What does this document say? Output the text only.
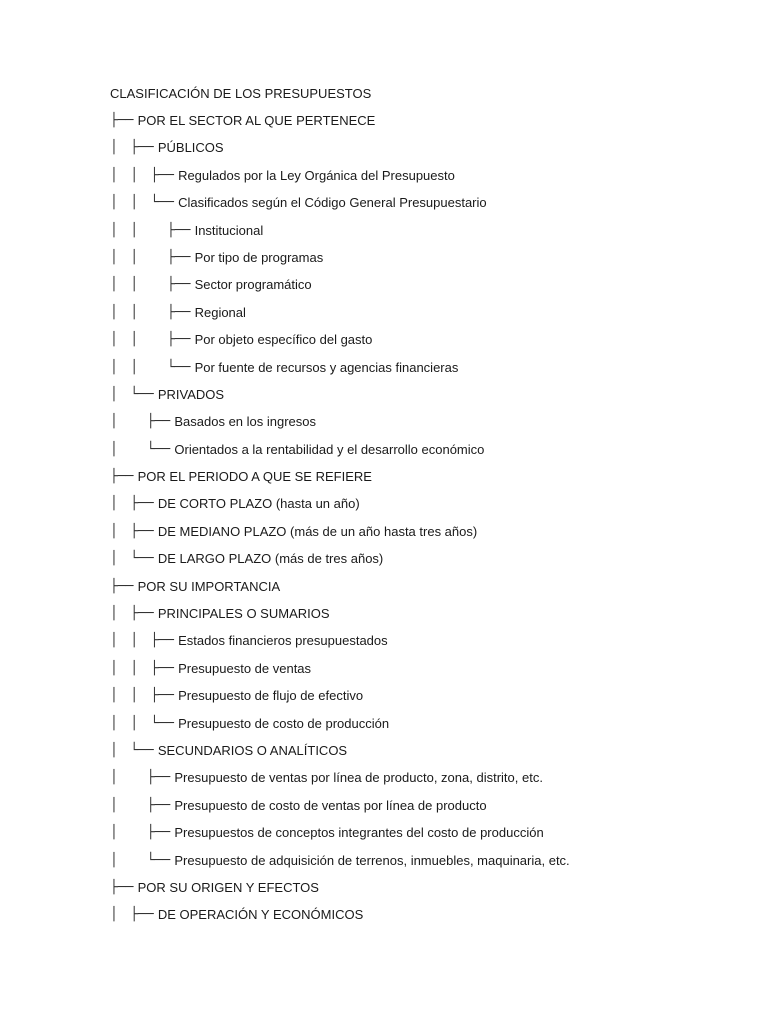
CLASIFICACIÓN DE LOS PRESUPUESTOS
├── POR EL SECTOR AL QUE PERTENECE
│   ├── PÚBLICOS
│   │   ├── Regulados por la Ley Orgánica del Presupuesto
│   │   └── Clasificados según el Código General Presupuestario
│   │       ├── Institucional
│   │       ├── Por tipo de programas
│   │       ├── Sector programático
│   │       ├── Regional
│   │       ├── Por objeto específico del gasto
│   │       └── Por fuente de recursos y agencias financieras
│   └── PRIVADOS
│       ├── Basados en los ingresos
│       └── Orientados a la rentabilidad y el desarrollo económico
├── POR EL PERIODO A QUE SE REFIERE
│   ├── DE CORTO PLAZO (hasta un año)
│   ├── DE MEDIANO PLAZO (más de un año hasta tres años)
│   └── DE LARGO PLAZO (más de tres años)
├── POR SU IMPORTANCIA
│   ├── PRINCIPALES O SUMARIOS
│   │   ├── Estados financieros presupuestados
│   │   ├── Presupuesto de ventas
│   │   ├── Presupuesto de flujo de efectivo
│   │   └── Presupuesto de costo de producción
│   └── SECUNDARIOS O ANALÍTICOS
│       ├── Presupuesto de ventas por línea de producto, zona, distrito, etc.
│       ├── Presupuesto de costo de ventas por línea de producto
│       ├── Presupuestos de conceptos integrantes del costo de producción
│       └── Presupuesto de adquisición de terrenos, inmuebles, maquinaria, etc.
├── POR SU ORIGEN Y EFECTOS
│   ├── DE OPERACIÓN Y ECONÓMICOS
